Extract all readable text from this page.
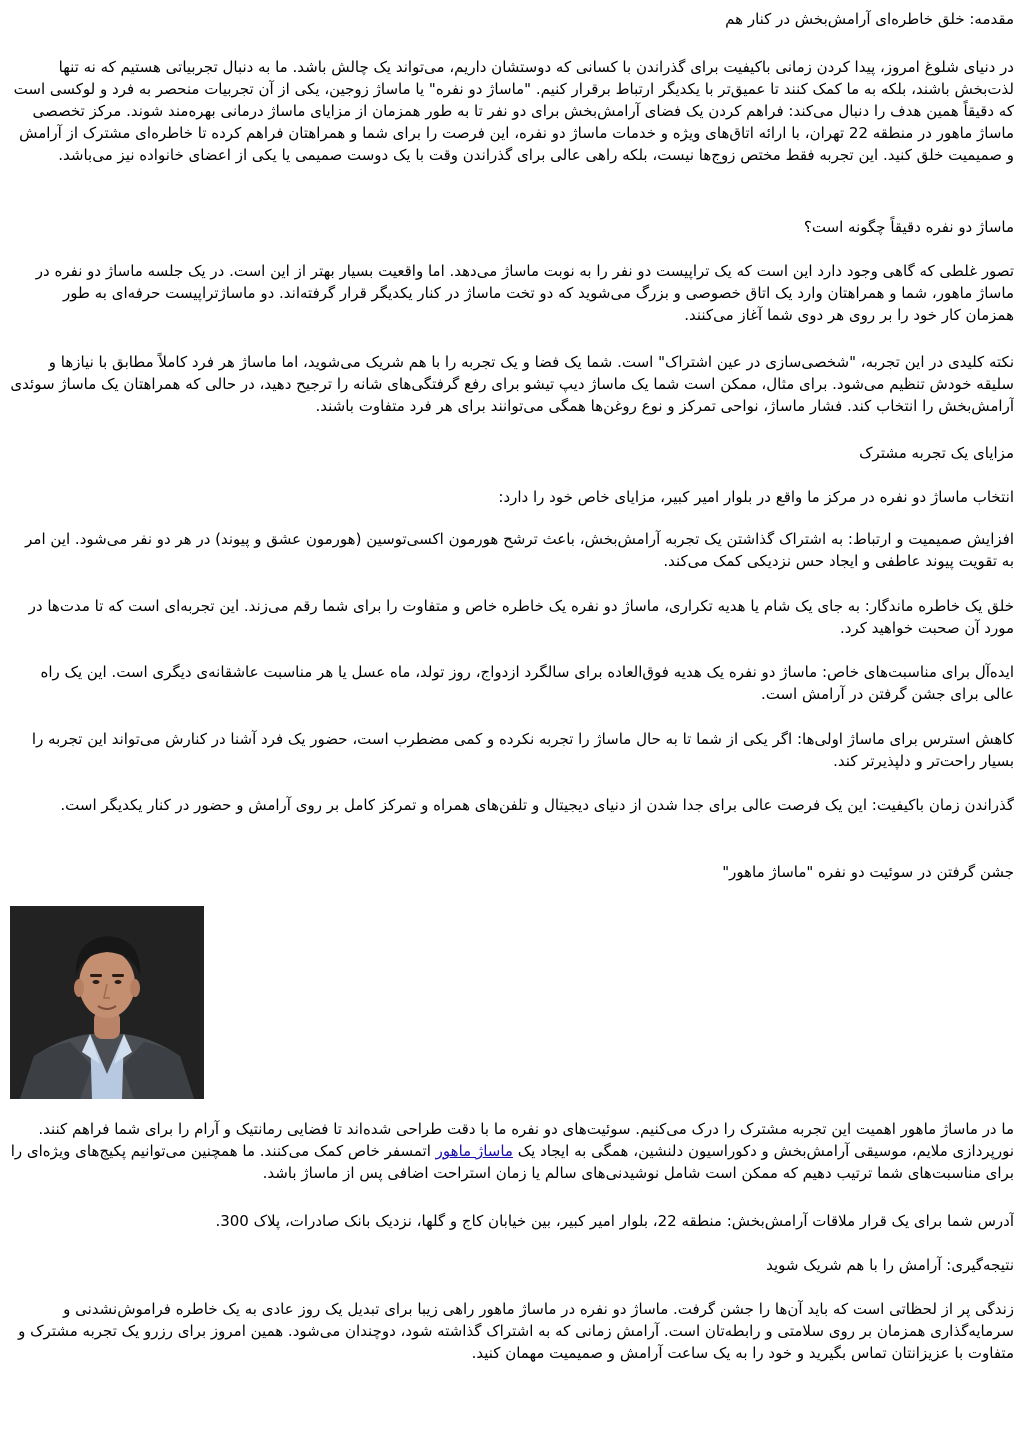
مقدمه: خلق خاطره‌ای آرامش‌بخش در کنار هم

در دنیای شلوغ امروز، پیدا کردن زمانی باکیفیت برای گذراندن با کسانی که دوستشان داریم، می‌تواند یک چالش باشد. ما به دنبال تجربیاتی هستیم که نه تنها لذت‌بخش باشند، بلکه به ما کمک کنند تا عمیق‌تر با یکدیگر ارتباط برقرار کنیم. "ماساژ دو نفره" یا ماساژ زوجین، یکی از آن تجربیات منحصر به فرد و لوکسی است که دقیقاً همین هدف را دنبال می‌کند: فراهم کردن یک فضای آرامش‌بخش برای دو نفر تا به طور همزمان از مزایای ماساژ درمانی بهره‌مند شوند. مرکز تخصصی ماساژ ماهور در منطقه 22 تهران، با ارائه اتاق‌های ویژه و خدمات ماساژ دو نفره، این فرصت را برای شما و همراهتان فراهم کرده تا خاطره‌ای مشترک از آرامش و صمیمیت خلق کنید. این تجربه فقط مختص زوج‌ها نیست، بلکه راهی عالی برای گذراندن وقت با یک دوست صمیمی یا یکی از اعضای خانواده نیز می‌باشد.

ماساژ دو نفره دقیقاً چگونه است؟

تصور غلطی که گاهی وجود دارد این است که یک تراپیست دو نفر را به نوبت ماساژ می‌دهد. اما واقعیت بسیار بهتر از این است. در یک جلسه ماساژ دو نفره در ماساژ ماهور، شما و همراهتان وارد یک اتاق خصوصی و بزرگ می‌شوید که دو تخت ماساژ در کنار یکدیگر قرار گرفته‌اند. دو ماساژتراپیست حرفه‌ای به طور همزمان کار خود را بر روی هر دوی شما آغاز می‌کنند.

نکته کلیدی در این تجربه، "شخصی‌سازی در عین اشتراک" است. شما یک فضا و یک تجربه را با هم شریک می‌شوید، اما ماساژ هر فرد کاملاً مطابق با نیازها و سلیقه خودش تنظیم می‌شود. برای مثال، ممکن است شما یک ماساژ دیپ تیشو برای رفع گرفتگی‌های شانه را ترجیح دهید، در حالی که همراهتان یک ماساژ سوئدی آرامش‌بخش را انتخاب کند. فشار ماساژ، نواحی تمرکز و نوع روغن‌ها همگی می‌توانند برای هر فرد متفاوت باشند.

مزایای یک تجربه مشترک

انتخاب ماساژ دو نفره در مرکز ما واقع در بلوار امیر کبیر، مزایای خاص خود را دارد:

افزایش صمیمیت و ارتباط: به اشتراک گذاشتن یک تجربه آرامش‌بخش، باعث ترشح هورمون اکسی‌توسین (هورمون عشق و پیوند) در هر دو نفر می‌شود. این امر به تقویت پیوند عاطفی و ایجاد حس نزدیکی کمک می‌کند.

خلق یک خاطره ماندگار: به جای یک شام یا هدیه تکراری، ماساژ دو نفره یک خاطره خاص و متفاوت را برای شما رقم می‌زند. این تجربه‌ای است که تا مدت‌ها در مورد آن صحبت خواهید کرد.

ایده‌آل برای مناسبت‌های خاص: ماساژ دو نفره یک هدیه فوق‌العاده برای سالگرد ازدواج، روز تولد، ماه عسل یا هر مناسبت عاشقانه‌ی دیگری است. این یک راه عالی برای جشن گرفتن در آرامش است.

کاهش استرس برای ماساژ اولی‌ها: اگر یکی از شما تا به حال ماساژ را تجربه نکرده و کمی مضطرب است، حضور یک فرد آشنا در کنارش می‌تواند این تجربه را بسیار راحت‌تر و دلپذیرتر کند.

گذراندن زمان باکیفیت: این یک فرصت عالی برای جدا شدن از دنیای دیجیتال و تلفن‌های همراه و تمرکز کامل بر روی آرامش و حضور در کنار یکدیگر است.

جشن گرفتن در سوئیت دو نفره "ماساژ ماهور"

ما در ماساژ ماهور اهمیت این تجربه مشترک را درک می‌کنیم. سوئیت‌های دو نفره ما با دقت طراحی شده‌اند تا فضایی رمانتیک و آرام را برای شما فراهم کنند. نورپردازی ملایم، موسیقی آرامش‌بخش و دکوراسیون دلنشین، همگی به ایجاد یک ماساژ ماهور اتمسفر خاص کمک می‌کنند. ما همچنین می‌توانیم پکیج‌های ویژه‌ای را برای مناسبت‌های شما ترتیب دهیم که ممکن است شامل نوشیدنی‌های سالم یا زمان استراحت اضافی پس از ماساژ باشد.

آدرس شما برای یک قرار ملاقات آرامش‌بخش: منطقه 22، بلوار امیر کبیر، بین خیابان کاج و گلها، نزدیک بانک صادرات، پلاک 300.

نتیجه‌گیری: آرامش را با هم شریک شوید

زندگی پر از لحظاتی است که باید آن‌ها را جشن گرفت. ماساژ دو نفره در ماساژ ماهور راهی زیبا برای تبدیل یک روز عادی به یک خاطره فراموش‌نشدنی و سرمایه‌گذاری همزمان بر روی سلامتی و رابطه‌تان است. آرامش زمانی که به اشتراک گذاشته شود، دوچندان می‌شود. همین امروز برای رزرو یک تجربه مشترک و متفاوت با عزیزانتان تماس بگیرید و خود را به یک ساعت آرامش و صمیمیت مهمان کنید.
